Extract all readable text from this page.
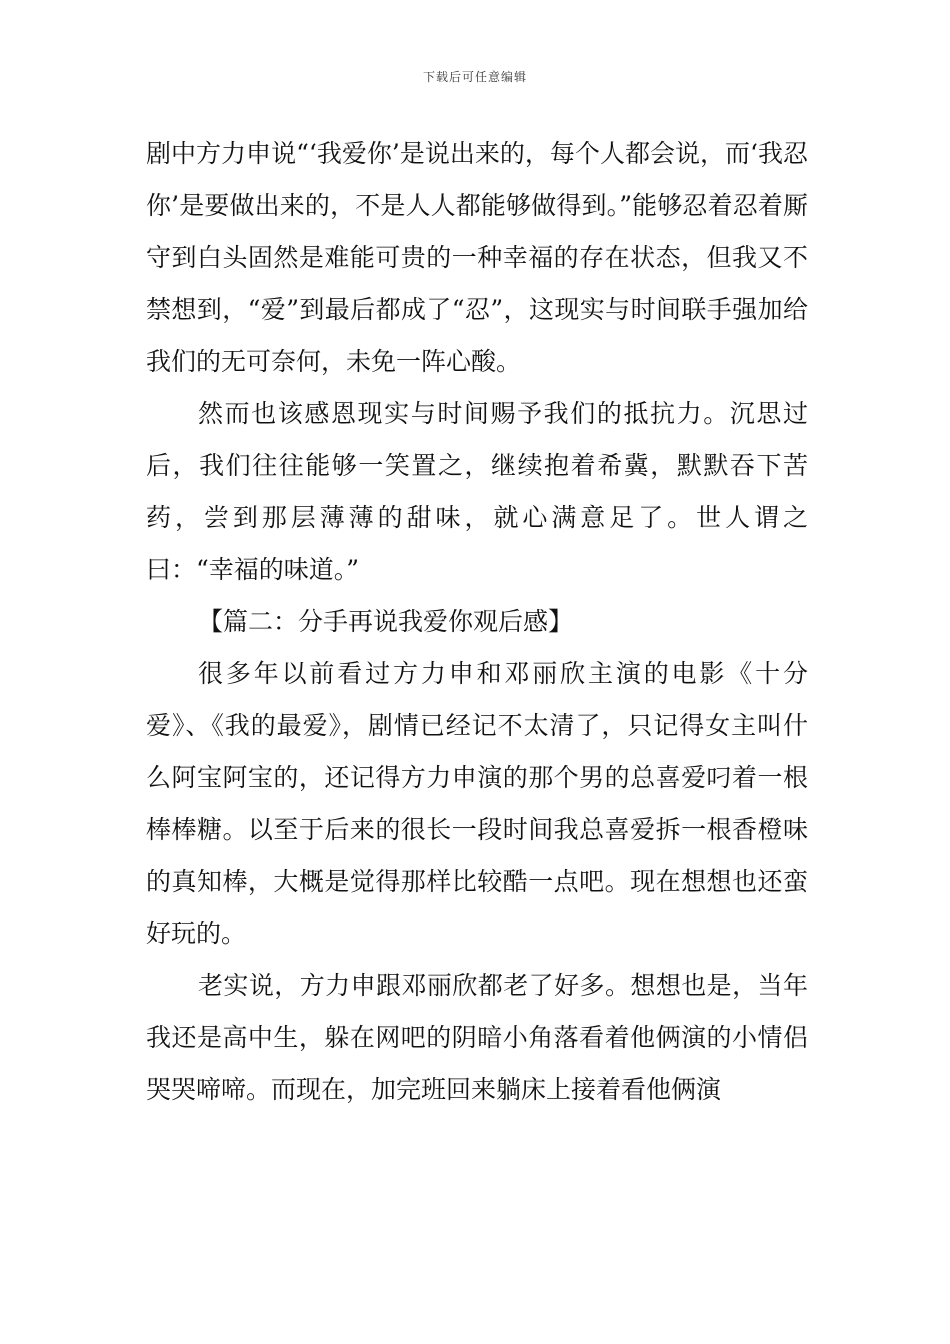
下载后可任意编辑

剧中方力申说“‘我爱你’是说出来的，每个人都会说，而‘我忍你’是要做出来的，不是人人都能够做得到。”能够忍着忍着厮守到白头固然是难能可贵的一种幸福的存在状态，但我又不禁想到，“爱”到最后都成了“忍”，这现实与时间联手强加给我们的无可奈何，未免一阵心酸。

然而也该感恩现实与时间赐予我们的抵抗力。沉思过后，我们往往能够一笑置之，继续抱着希冀，默默吞下苦药，尝到那层薄薄的甜味，就心满意足了。世人谓之曰：“幸福的味道。”

【篇二：分手再说我爱你观后感】

很多年以前看过方力申和邓丽欣主演的电影《十分爱》、《我的最爱》，剧情已经记不太清了，只记得女主叫什么阿宝阿宝的，还记得方力申演的那个男的总喜爱叼着一根棒棒糖。以至于后来的很长一段时间我总喜爱拆一根香橙味的真知棒，大概是觉得那样比较酷一点吧。现在想想也还蛮好玩的。

老实说，方力申跟邓丽欣都老了好多。想想也是，当年我还是高中生，躲在网吧的阴暗小角落看着他俩演的小情侣哭哭啼啼。而现在，加完班回来躺床上接着看他俩演
